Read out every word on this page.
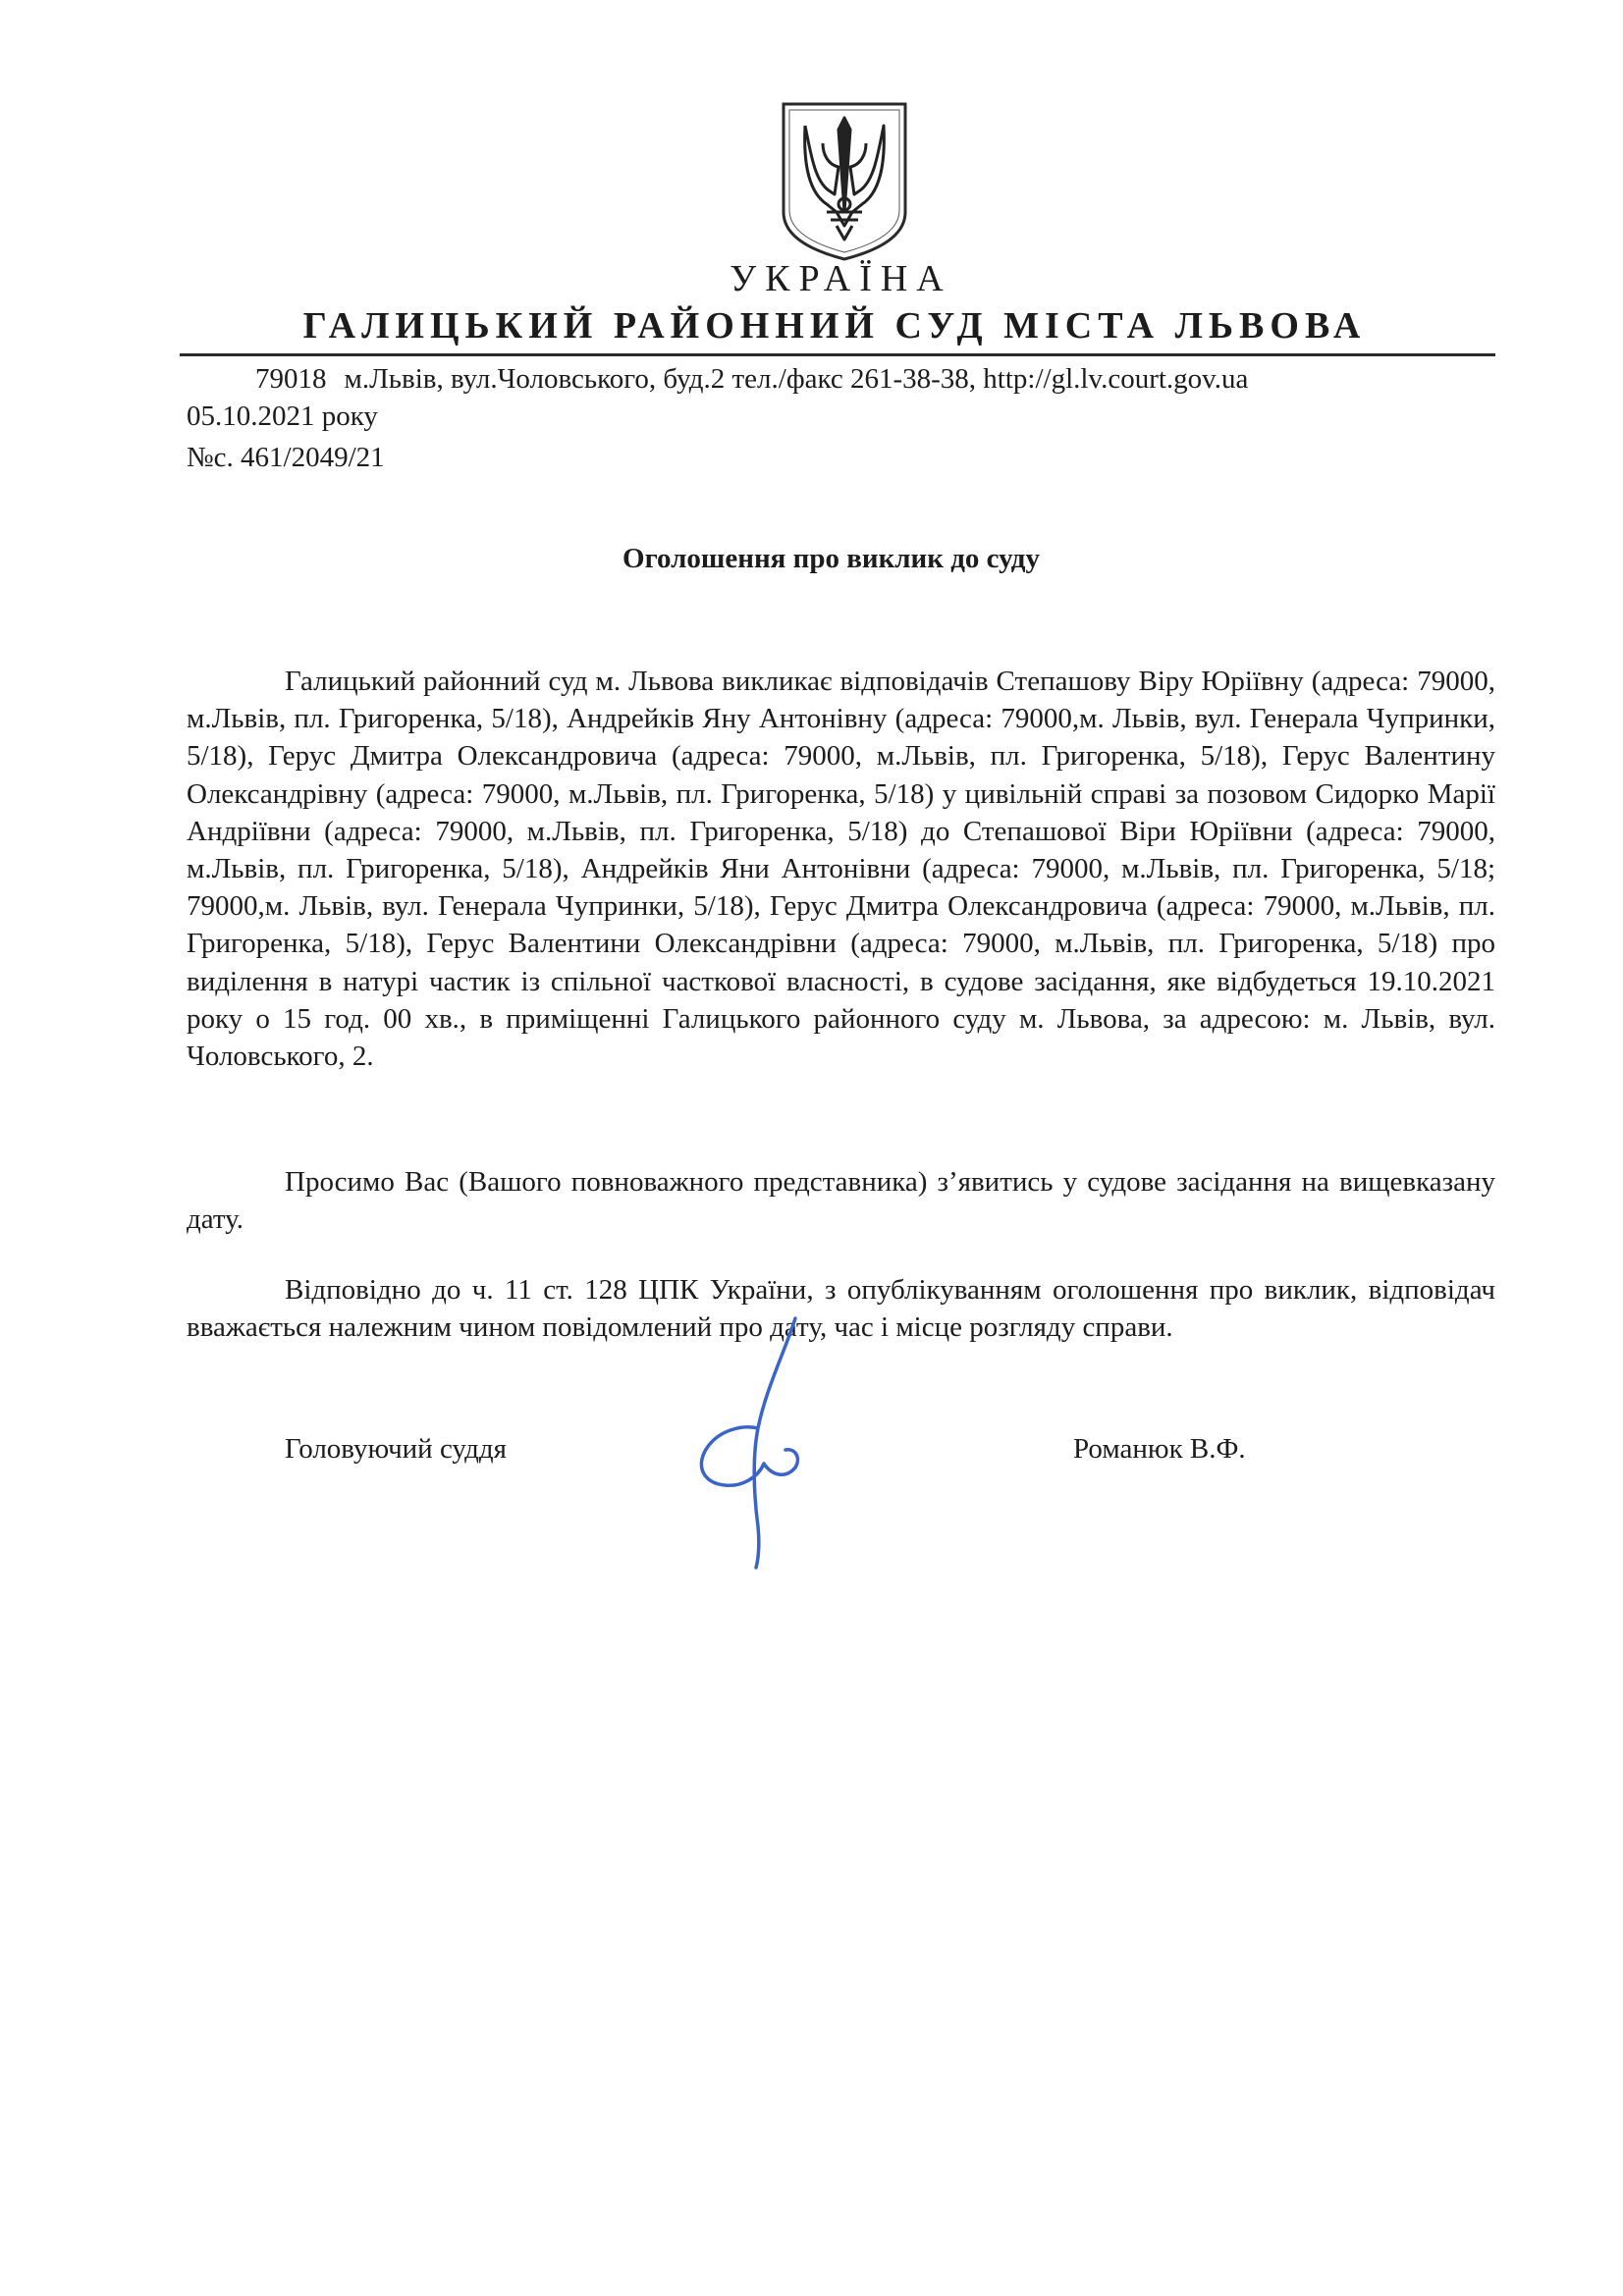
УКРАЇНА
ГАЛИЦЬКИЙ РАЙОННИЙ СУД МІСТА ЛЬВОВА
79018 м.Львів, вул.Чоловського, буд.2 тел./факс 261-38-38, http://gl.lv.court.gov.ua
05.10.2021 року
№с. 461/2049/21
Оголошення про виклик до суду

Галицький районний суд м. Львова викликає відповідачів Степашову Віру Юріївну (адреса: 79000, м.Львів, пл. Григоренка, 5/18), Андрейків Яну Антонівну (адреса: 79000,м. Львів, вул. Генерала Чупринки, 5/18), Герус Дмитра Олександровича (адреса: 79000, м.Львів, пл. Григоренка, 5/18), Герус Валентину Олександрівну (адреса: 79000, м.Львів, пл. Григоренка, 5/18) у цивільній справі за позовом Сидорко Марії Андріївни (адреса: 79000, м.Львів, пл. Григоренка, 5/18) до Степашової Віри Юріївни (адреса: 79000, м.Львів, пл. Григоренка, 5/18), Андрейків Яни Антонівни (адреса: 79000, м.Львів, пл. Григоренка, 5/18; 79000,м. Львів, вул. Генерала Чупринки, 5/18), Герус Дмитра Олександровича (адреса: 79000, м.Львів, пл. Григоренка, 5/18), Герус Валентини Олександрівни (адреса: 79000, м.Львів, пл. Григоренка, 5/18) про виділення в натурі частик із спільної часткової власності, в судове засідання, яке відбудеться 19.10.2021 року о 15 год. 00 хв., в приміщенні Галицького районного суду м. Львова, за адресою: м. Львів, вул. Чоловського, 2.

Просимо Вас (Вашого повноважного представника) з’явитись у судове засідання на вищевказану дату.

Відповідно до ч. 11 ст. 128 ЦПК України, з опублікуванням оголошення про виклик, відповідач вважається належним чином повідомлений про дату, час і місце розгляду справи.

Головуючий суддя	Романюк В.Ф.
